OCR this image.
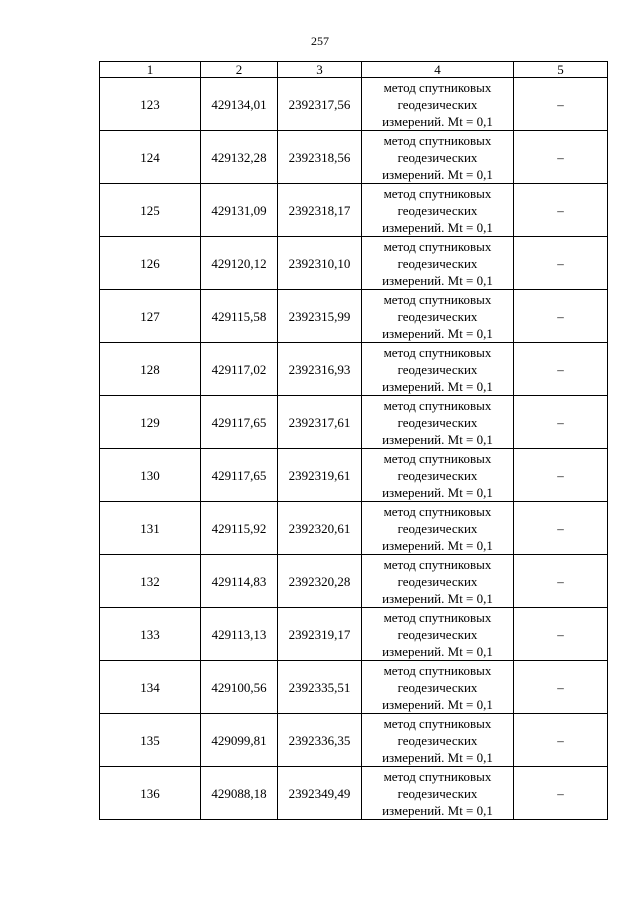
257
1	2	3	4	5
123	429134,01	2392317,56	метод спутниковых
геодезических
измерений. Mt = 0,1	–
124	429132,28	2392318,56	метод спутниковых
геодезических
измерений. Mt = 0,1	–
125	429131,09	2392318,17	метод спутниковых
геодезических
измерений. Mt = 0,1	–
126	429120,12	2392310,10	метод спутниковых
геодезических
измерений. Mt = 0,1	–
127	429115,58	2392315,99	метод спутниковых
геодезических
измерений. Mt = 0,1	–
128	429117,02	2392316,93	метод спутниковых
геодезических
измерений. Mt = 0,1	–
129	429117,65	2392317,61	метод спутниковых
геодезических
измерений. Mt = 0,1	–
130	429117,65	2392319,61	метод спутниковых
геодезических
измерений. Mt = 0,1	–
131	429115,92	2392320,61	метод спутниковых
геодезических
измерений. Mt = 0,1	–
132	429114,83	2392320,28	метод спутниковых
геодезических
измерений. Mt = 0,1	–
133	429113,13	2392319,17	метод спутниковых
геодезических
измерений. Mt = 0,1	–
134	429100,56	2392335,51	метод спутниковых
геодезических
измерений. Mt = 0,1	–
135	429099,81	2392336,35	метод спутниковых
геодезических
измерений. Mt = 0,1	–
136	429088,18	2392349,49	метод спутниковых
геодезических
измерений. Mt = 0,1	–
